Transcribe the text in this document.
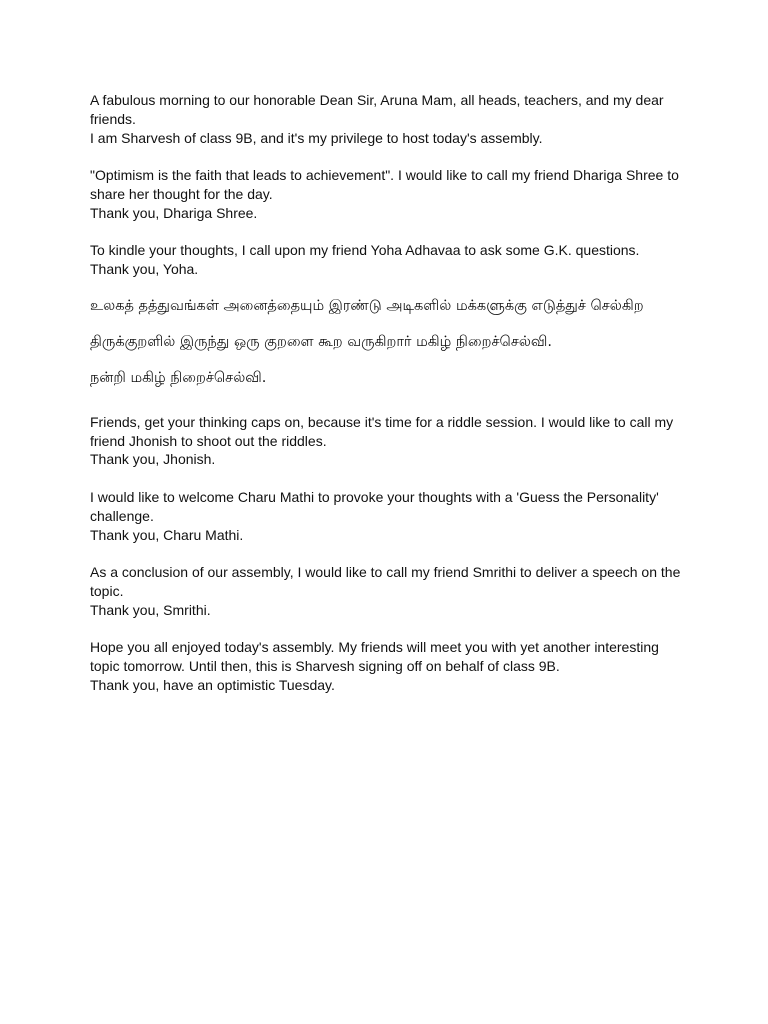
A fabulous morning to our honorable Dean Sir, Aruna Mam, all heads, teachers, and my dear friends.
I am Sharvesh of class 9B, and it's my privilege to host today's assembly.
"Optimism is the faith that leads to achievement". I would like to call my friend Dhariga Shree to share her thought for the day.
Thank you, Dhariga Shree.
To kindle your thoughts, I call upon my friend Yoha Adhavaa to ask some G.K. questions.
Thank you, Yoha.

உலகத் தத்துவங்கள் அனைத்தையும் இரண்டு அடிகளில் மக்களுக்கு எடுத்துச் செல்கிற

திருக்குறளில் இருந்து ஒரு குறளை கூற வருகிறார் மகிழ் நிறைச்செல்வி.

நன்றி மகிழ் நிறைச்செல்வி.

Friends, get your thinking caps on, because it's time for a riddle session. I would like to call my friend Jhonish to shoot out the riddles.
Thank you, Jhonish.
I would like to welcome Charu Mathi to provoke your thoughts with a 'Guess the Personality' challenge.
Thank you, Charu Mathi.
As a conclusion of our assembly, I would like to call my friend Smrithi to deliver a speech on the topic.
Thank you, Smrithi.
Hope you all enjoyed today's assembly. My friends will meet you with yet another interesting topic tomorrow. Until then, this is Sharvesh signing off on behalf of class 9B.
Thank you, have an optimistic Tuesday.
